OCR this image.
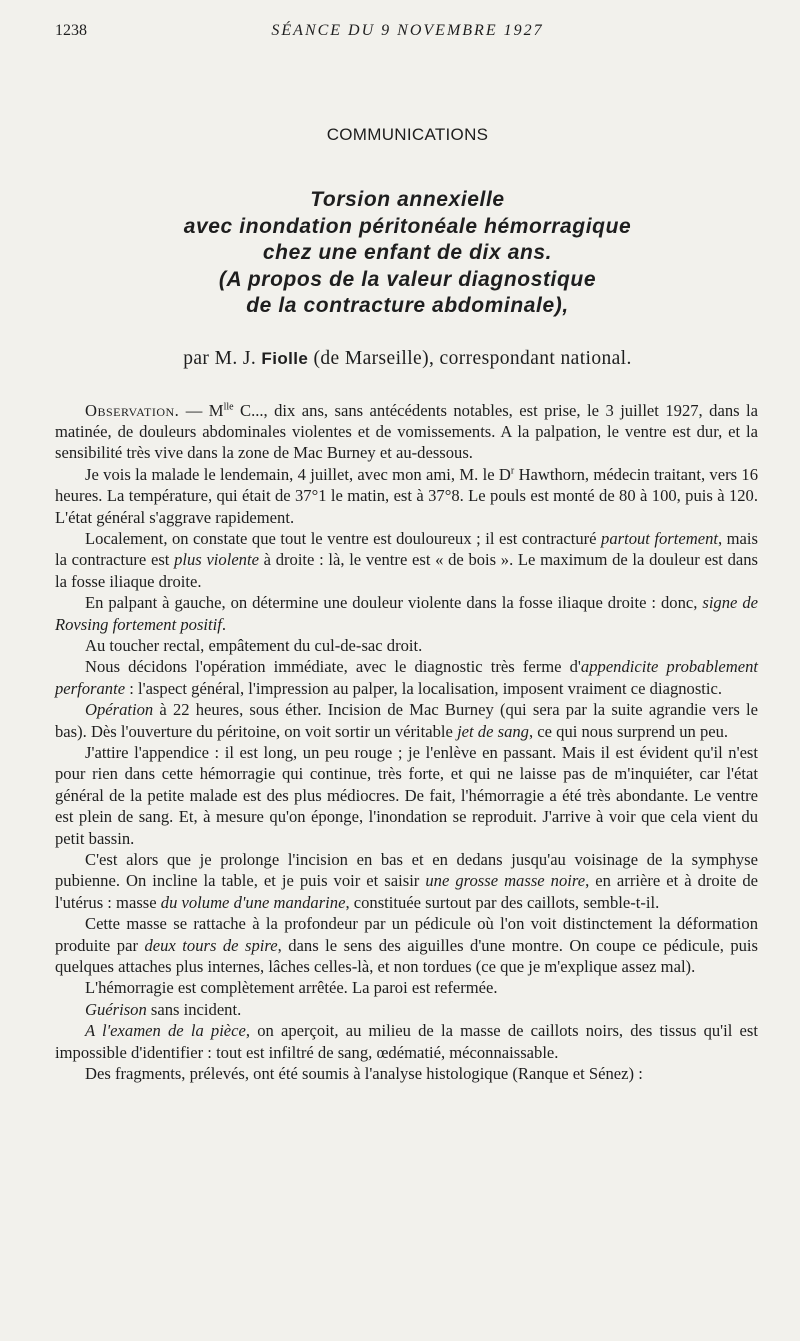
1238	SÉANCE DU 9 NOVEMBRE 1927
COMMUNICATIONS
Torsion annexielle
avec inondation péritonéale hémorragique
chez une enfant de dix ans.
(A propos de la valeur diagnostique
de la contracture abdominale),
par M. J. Fiolle (de Marseille), correspondant national.

Observation. — $M^{lle}$ C..., dix ans, sans antécédents notables, est prise, le 3 juillet 1927, dans la matinée, de douleurs abdominales violentes et de vomissements. A la palpation, le ventre est dur, et la sensibilité très vive dans la zone de Mac Burney et au-dessous.

Je vois la malade le lendemain, 4 juillet, avec mon ami, M. le $D^r$ Hawthorn, médecin traitant, vers 16 heures. La température, qui était de 37°1 le matin, est à 37°8. Le pouls est monté de 80 à 100, puis à 120. L'état général s'aggrave rapidement.

Localement, on constate que tout le ventre est douloureux ; il est contracturé partout fortement, mais la contracture est plus violente à droite : là, le ventre est « de bois ». Le maximum de la douleur est dans la fosse iliaque droite.

En palpant à gauche, on détermine une douleur violente dans la fosse iliaque droite : donc, signe de Rovsing fortement positif.

Au toucher rectal, empâtement du cul-de-sac droit.

Nous décidons l'opération immédiate, avec le diagnostic très ferme d'appendicite probablement perforante : l'aspect général, l'impression au palper, la localisation, imposent vraiment ce diagnostic.

Opération à 22 heures, sous éther. Incision de Mac Burney (qui sera par la suite agrandie vers le bas). Dès l'ouverture du péritoine, on voit sortir un véritable jet de sang, ce qui nous surprend un peu.

J'attire l'appendice : il est long, un peu rouge ; je l'enlève en passant. Mais il est évident qu'il n'est pour rien dans cette hémorragie qui continue, très forte, et qui ne laisse pas de m'inquiéter, car l'état général de la petite malade est des plus médiocres. De fait, l'hémorragie a été très abondante. Le ventre est plein de sang. Et, à mesure qu'on éponge, l'inondation se reproduit. J'arrive à voir que cela vient du petit bassin.

C'est alors que je prolonge l'incision en bas et en dedans jusqu'au voisinage de la symphyse pubienne. On incline la table, et je puis voir et saisir une grosse masse noire, en arrière et à droite de l'utérus : masse du volume d'une mandarine, constituée surtout par des caillots, semble-t-il.

Cette masse se rattache à la profondeur par un pédicule où l'on voit distinctement la déformation produite par deux tours de spire, dans le sens des aiguilles d'une montre. On coupe ce pédicule, puis quelques attaches plus internes, lâches celles-là, et non tordues (ce que je m'explique assez mal).

L'hémorragie est complètement arrêtée. La paroi est refermée.

Guérison sans incident.

A l'examen de la pièce, on aperçoit, au milieu de la masse de caillots noirs, des tissus qu'il est impossible d'identifier : tout est infiltré de sang, œdématié, méconnaissable.

Des fragments, prélevés, ont été soumis à l'analyse histologique (Ranque et Sénez) :
